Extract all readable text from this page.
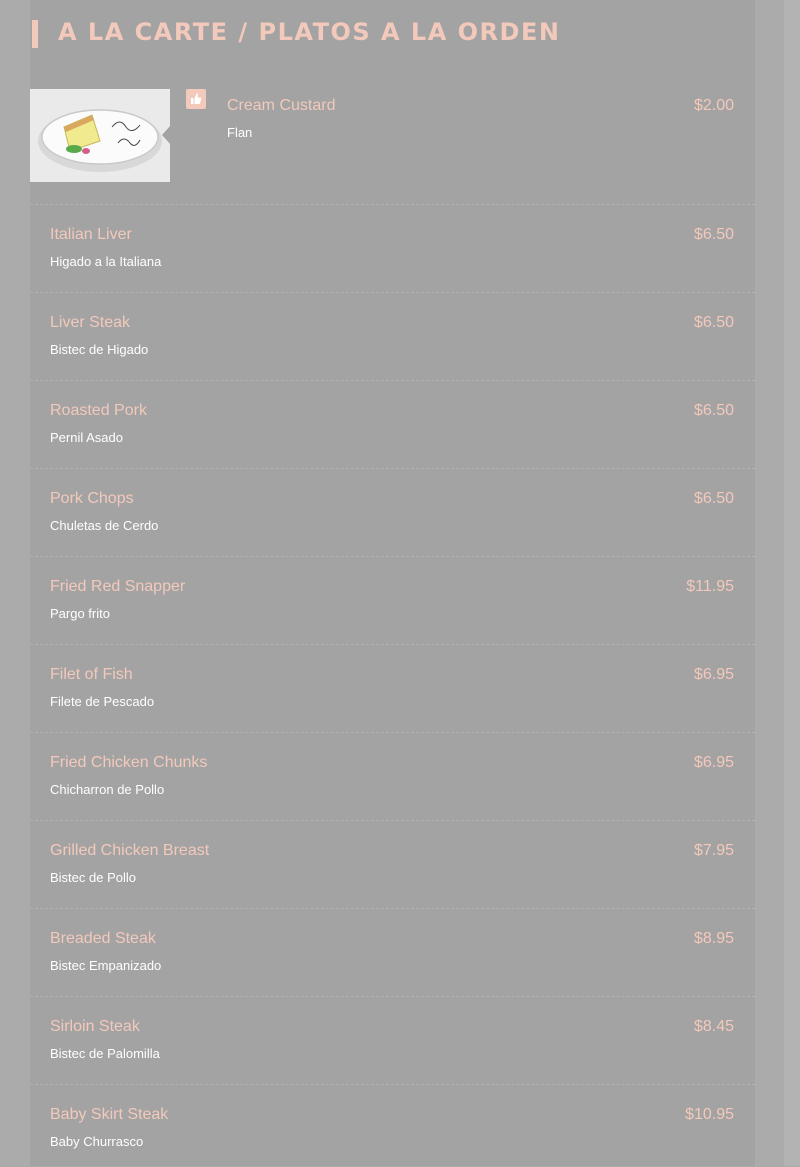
A LA CARTE / PLATOS A LA ORDEN
Cream Custard
Flan
$2.00
Italian Liver
Higado a la Italiana
$6.50
Liver Steak
Bistec de Higado
$6.50
Roasted Pork
Pernil Asado
$6.50
Pork Chops
Chuletas de Cerdo
$6.50
Fried Red Snapper
Pargo frito
$11.95
Filet of Fish
Filete de Pescado
$6.95
Fried Chicken Chunks
Chicharron de Pollo
$6.95
Grilled Chicken Breast
Bistec de Pollo
$7.95
Breaded Steak
Bistec Empanizado
$8.95
Sirloin Steak
Bistec de Palomilla
$8.45
Baby Skirt Steak
Baby Churrasco
$10.95
